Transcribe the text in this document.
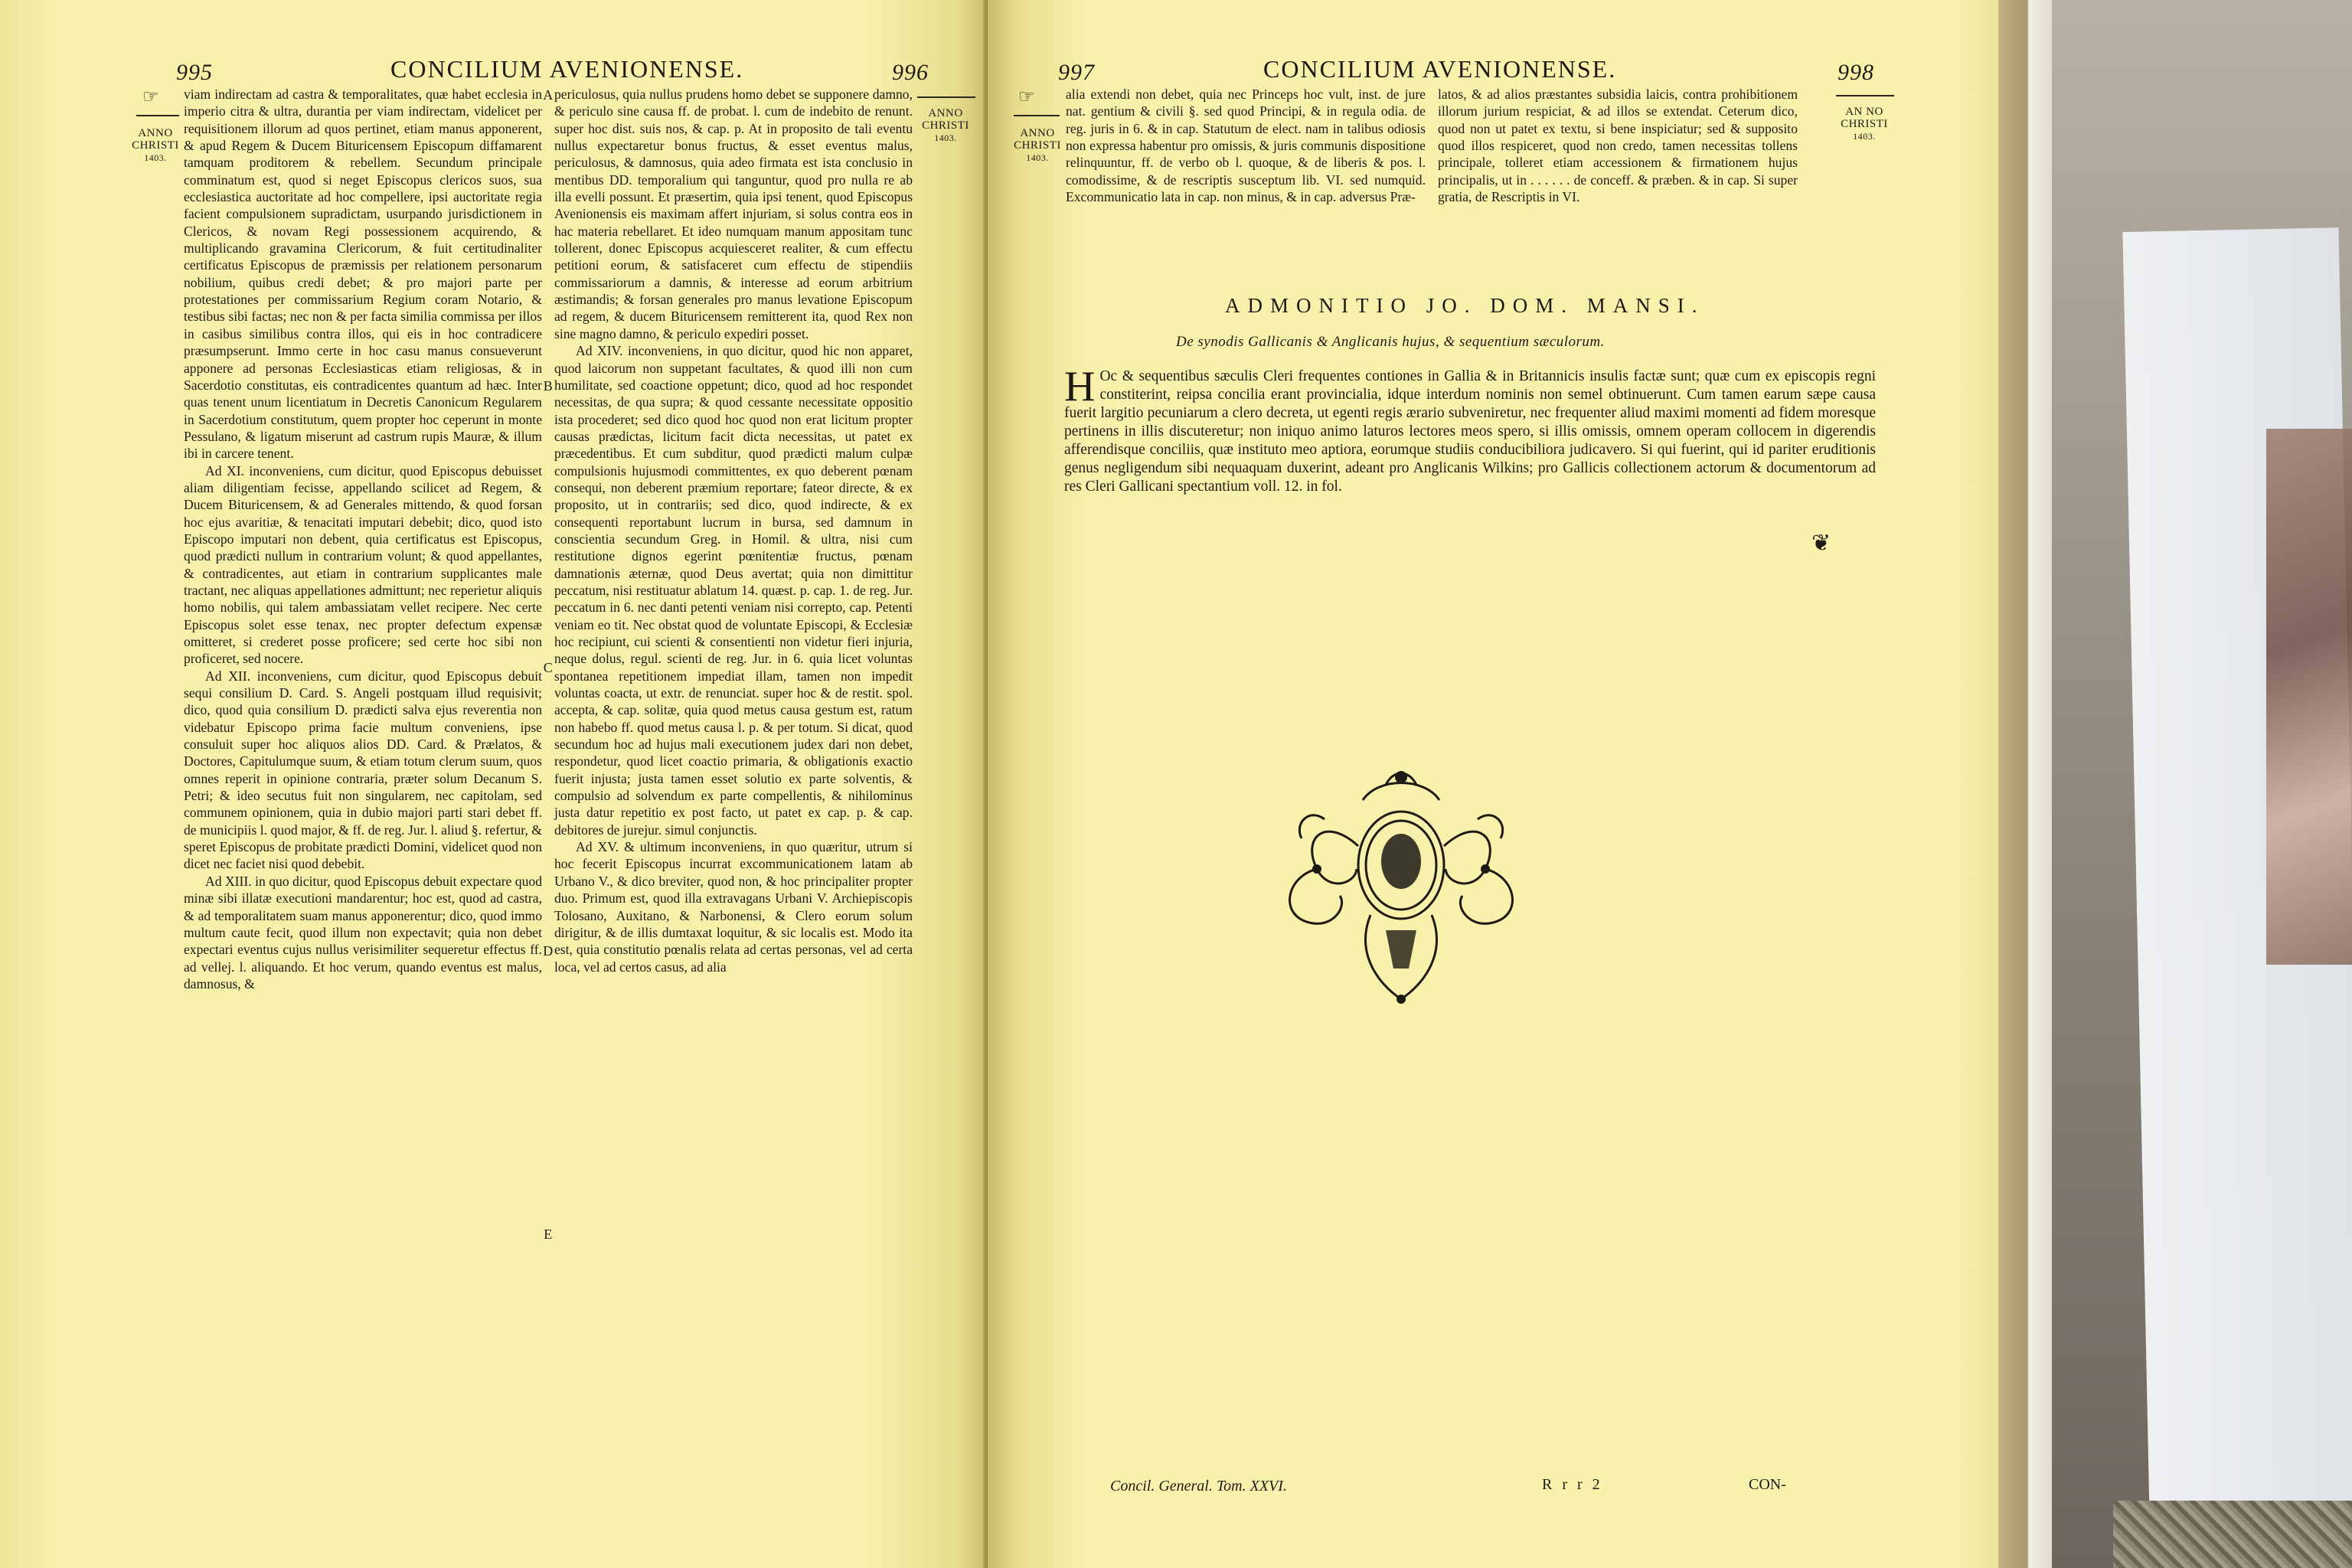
995	CONCILIUM AVENIONENSE.	996
☞
ANNO
CHRISTI
1403.
ANNO
CHRISTI
1403.

viam indirectam ad castra & temporalitates, quæ habet ecclesia in imperio citra & ultra, durantia per viam indirectam, videlicet per requisitionem illorum ad quos pertinet, etiam manus apponerent, & apud Regem & Ducem Bituricensem Episcopum diffamarent tamquam proditorem & rebellem. Secundum principale comminatum est, quod si neget Episcopus clericos suos, sua ecclesiastica auctoritate ad hoc compellere, ipsi auctoritate regia facient compulsionem supradictam, usurpando jurisdictionem in Clericos, & novam Regi possessionem acquirendo, & multiplicando gravamina Clericorum, & fuit certitudinaliter certificatus Episcopus de præmissis per relationem personarum nobilium, quibus credi debet; & pro majori parte per protestationes per commissarium Regium coram Notario, & testibus sibi factas; nec non & per facta similia commissa per illos in casibus similibus contra illos, qui eis in hoc contradicere præsumpserunt. Immo certe in hoc casu manus consueverunt apponere ad personas Ecclesiasticas etiam religiosas, & in Sacerdotio constitutas, eis contradicentes quantum ad hæc. Inter quas tenent unum licentiatum in Decretis Canonicum Regularem in Sacerdotium constitutum, quem propter hoc ceperunt in monte Pessulano, & ligatum miserunt ad castrum rupis Mauræ, & illum ibi in carcere tenent.

Ad XI. inconveniens, cum dicitur, quod Episcopus debuisset aliam diligentiam fecisse, appellando scilicet ad Regem, & Ducem Bituricensem, & ad Generales mittendo, & quod forsan hoc ejus avaritiæ, & tenacitati imputari debebit; dico, quod isto Episcopo imputari non debent, quia certificatus est Episcopus, quod prædicti nullum in contrarium volunt; & quod appellantes, & contradicentes, aut etiam in contrarium supplicantes male tractant, nec aliquas appellationes admittunt; nec reperietur aliquis homo nobilis, qui talem ambassiatam vellet recipere. Nec certe Episcopus solet esse tenax, nec propter defectum expensæ omitteret, si crederet posse proficere; sed certe hoc sibi non proficeret, sed nocere.

Ad XII. inconveniens, cum dicitur, quod Episcopus debuit sequi consilium D. Card. S. Angeli postquam illud requisivit; dico, quod quia consilium D. prædicti salva ejus reverentia non videbatur Episcopo prima facie multum conveniens, ipse consuluit super hoc aliquos alios DD. Card. & Prælatos, & Doctores, Capitulumque suum, & etiam totum clerum suum, quos omnes reperit in opinione contraria, præter solum Decanum S. Petri; & ideo secutus fuit non singularem, nec capitolam, sed communem opinionem, quia in dubio majori parti stari debet ff. de municipiis l. quod major, & ff. de reg. Jur. l. aliud §. refertur, & speret Episcopus de probitate prædicti Domini, videlicet quod non dicet nec faciet nisi quod debebit.

Ad XIII. in quo dicitur, quod Episcopus debuit expectare quod minæ sibi illatæ executioni mandarentur; hoc est, quod ad castra, & ad temporalitatem suam manus apponerentur; dico, quod immo multum caute fecit, quod illum non expectavit; quia non debet expectari eventus cujus nullus verisimiliter sequeretur effectus ff. ad vellej. l. aliquando. Et hoc verum, quando eventus est malus, damnosus, &

A
B
C
D
E

periculosus, quia nullus prudens homo debet se supponere damno, & periculo sine causa ff. de probat. l. cum de indebito de renunt. super hoc dist. suis nos, & cap. p. At in proposito de tali eventu nullus expectaretur bonus fructus, & esset eventus malus, periculosus, & damnosus, quia adeo firmata est ista conclusio in mentibus DD. temporalium qui tanguntur, quod pro nulla re ab illa evelli possunt. Et præsertim, quia ipsi tenent, quod Episcopus Avenionensis eis maximam affert injuriam, si solus contra eos in hac materia rebellaret. Et ideo numquam manum appositam tunc tollerent, donec Episcopus acquiesceret realiter, & cum effectu petitioni eorum, & satisfaceret cum effectu de stipendiis commissariorum a damnis, & interesse ad eorum arbitrium æstimandis; & forsan generales pro manus levatione Episcopum ad regem, & ducem Bituricensem remitterent ita, quod Rex non sine magno damno, & periculo expediri posset.

Ad XIV. inconveniens, in quo dicitur, quod hic non apparet, quod laicorum non suppetant facultates, & quod illi non cum humilitate, sed coactione oppetunt; dico, quod ad hoc respondet necessitas, de qua supra; & quod cessante necessitate oppositio ista procederet; sed dico quod hoc quod non erat licitum propter causas prædictas, licitum facit dicta necessitas, ut patet ex præcedentibus. Et cum subditur, quod prædicti malum culpæ compulsionis hujusmodi committentes, ex quo deberent pœnam consequi, non deberent præmium reportare; fateor directe, & ex proposito, ut in contrariis; sed dico, quod indirecte, & ex consequenti reportabunt lucrum in bursa, sed damnum in conscientia secundum Greg. in Homil. & ultra, nisi cum restitutione dignos egerint pœnitentiæ fructus, pœnam damnationis æternæ, quod Deus avertat; quia non dimittitur peccatum, nisi restituatur ablatum 14. quæst. p. cap. 1. de reg. Jur. peccatum in 6. nec danti petenti veniam nisi correpto, cap. Petenti veniam eo tit. Nec obstat quod de voluntate Episcopi, & Ecclesiæ hoc recipiunt, cui scienti & consentienti non videtur fieri injuria, neque dolus, regul. scienti de reg. Jur. in 6. quia licet voluntas spontanea repetitionem impediat illam, tamen non impedit voluntas coacta, ut extr. de renunciat. super hoc & de restit. spol. accepta, & cap. solitæ, quia quod metus causa gestum est, ratum non habebo ff. quod metus causa l. p. & per totum. Si dicat, quod secundum hoc ad hujus mali executionem judex dari non debet, respondetur, quod licet coactio primaria, & obligationis exactio fuerit injusta; justa tamen esset solutio ex parte solventis, & compulsio ad solvendum ex parte compellentis, & nihilominus justa datur repetitio ex post facto, ut patet ex cap. p. & cap. debitores de jurejur. simul conjunctis.

Ad XV. & ultimum inconveniens, in quo quæritur, utrum si hoc fecerit Episcopus incurrat excommunicationem latam ab Urbano V., & dico breviter, quod non, & hoc principaliter propter duo. Primum est, quod illa extravagans Urbani V. Archiepiscopis Tolosano, Auxitano, & Narbonensi, & Clero eorum solum dirigitur, & de illis dumtaxat loquitur, & sic localis est. Modo ita est, quia constitutio pœnalis relata ad certas personas, vel ad certa loca, vel ad certos casus, ad alia

997	CONCILIUM AVENIONENSE.	998
☞
ANNO
CHRISTI
1403.
AN NO
CHRISTI
1403.

alia extendi non debet, quia nec Princeps hoc vult, inst. de jure nat. gentium & civili §. sed quod Principi, & in regula odia. de reg. juris in 6. & in cap. Statutum de elect. nam in talibus odiosis non expressa habentur pro omissis, & juris communis dispositione relinquuntur, ff. de verbo ob l. quoque, & de liberis & pos. l. comodissime, & de rescriptis susceptum lib. VI. sed numquid. Excommunicatio lata in cap. non minus, & in cap. adversus Præ-

latos, & ad alios præstantes subsidia laicis, contra prohibitionem illorum jurium respiciat, & ad illos se extendat. Ceterum dico, quod non ut patet ex textu, si bene inspiciatur; sed & supposito quod illos respiceret, quod non credo, tamen necessitas tollens principale, tolleret etiam accessionem & firmationem hujus principalis, ut in . . . . . . de conceff. & præben. & in cap. Si super gratia, de Rescriptis in VI.

ADMONITIO JO. DOM. MANSI.
De synodis Gallicanis & Anglicanis hujus, & sequentium sæculorum.
H Oc & sequentibus sæculis Cleri frequentes contiones in Gallia & in Britannicis insulis factæ sunt; quæ cum ex episcopis regni constiterint, reipsa concilia erant provincialia, idque interdum nominis non semel obtinuerunt. Cum tamen earum sæpe causa fuerit largitio pecuniarum a clero decreta, ut egenti regis ærario subveniretur, nec frequenter aliud maximi momenti ad fidem moresque pertinens in illis discuteretur; non iniquo animo laturos lectores meos spero, si illis omissis, omnem operam collocem in digerendis afferendisque conciliis, quæ instituto meo aptiora, eorumque studiis conducibiliora judicavero. Si qui fuerint, qui id pariter eruditionis genus negligendum sibi nequaquam duxerint, adeant pro Anglicanis Wilkins; pro Gallicis collectionem actorum & documentorum ad res Cleri Gallicani spectantium voll. 12. in fol.
❦
Concil. General. Tom. XXVI.	R r r 2	CON-
